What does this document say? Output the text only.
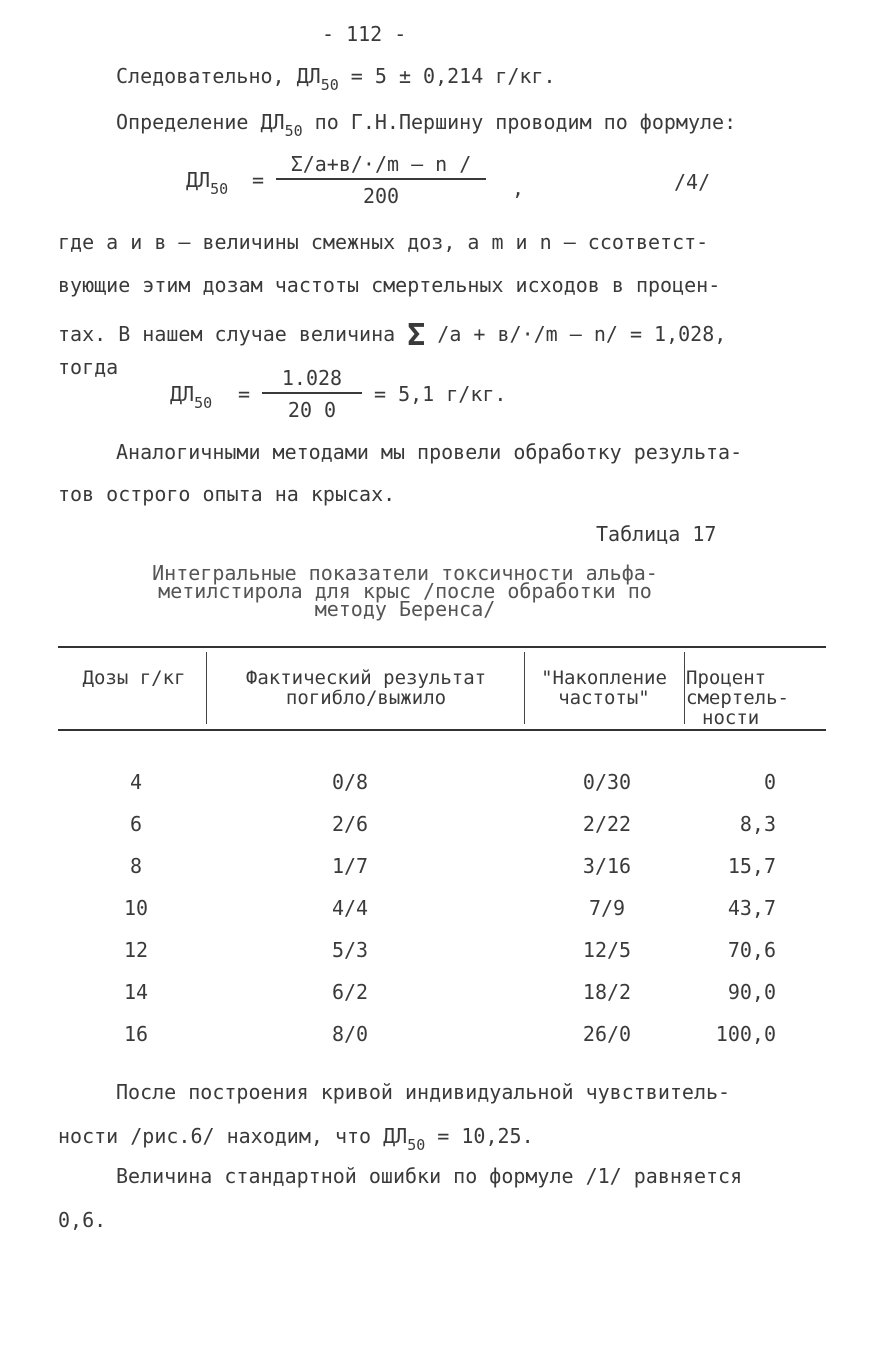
- 112 -
Следовательно, $ДЛ_{50} = 5 \pm 0,214$ г/кг.
Определение $ДЛ_{50}$ по Г.Н.Першину проводим по формуле:
$ДЛ_{50}$ =
Σ/a+в/·/m – n /
200	,	/4/
где а и в – величины смежных доз, а m и n – ссответст-
вующие этим дозам частоты смертельных исходов в процен-
тах. В нашем случае величина Σ /а + в/·/m – n/ = 1,028,
тогда
$ДЛ_{50} = \frac{1.028}{20 0} = 5,1$ г/кг.
Аналогичными методами мы провели обработку результа-
тов острого опыта на крысах.
Таблица 17
Интегральные показатели токсичности альфа-
метилстирола для крыс /после обработки по
методу Беренса/
Дозы г/кг	Фактический результат
погибло/выжило
"Накопление
частоты"
Процент
смертель-
ности
4	0/8	0/30	0
6	2/6	2/22	8,3
8	1/7	3/16	15,7
10	4/4	7/9	43,7
12	5/3	12/5	70,6
14	6/2	18/2	90,0
16	8/0	26/0	100,0
После построения кривой индивидуальной чувствитель-
ности /рис.6/ находим, что $ДЛ_{50} = 10,25$.
Величина стандартной ошибки по формуле /1/ равняется
0,6.
